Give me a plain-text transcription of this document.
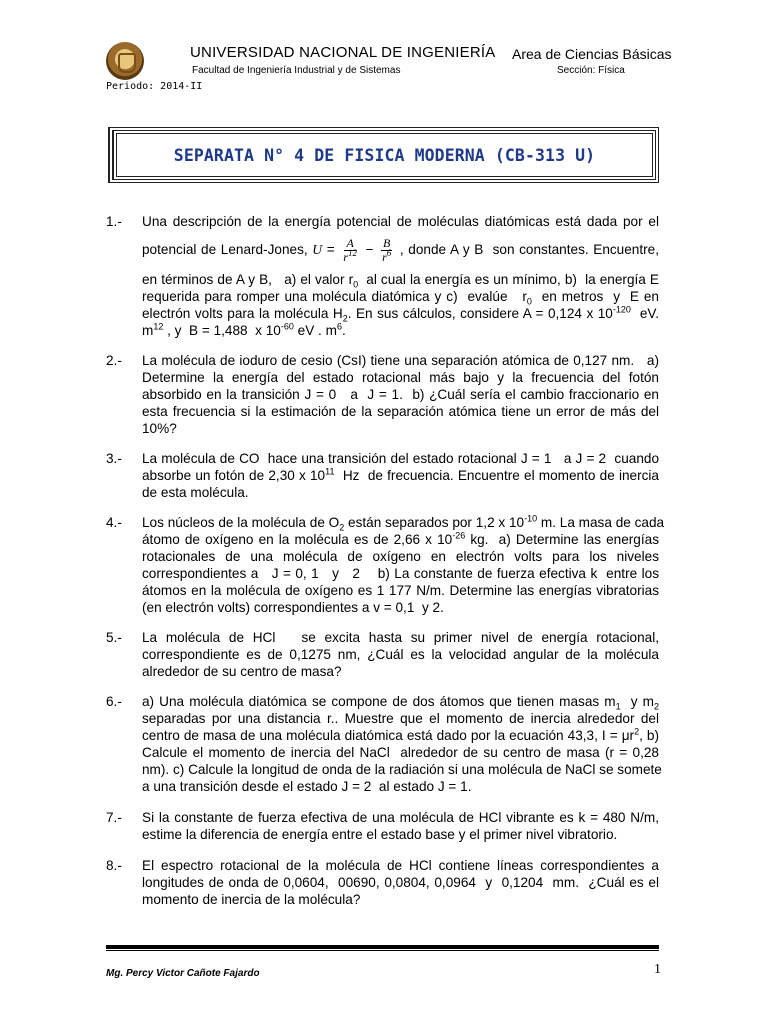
UNIVERSIDAD NACIONAL DE INGENIERÍA
Facultad de Ingeniería Industrial y de Sistemas
Area de Ciencias Básicas
Sección: Física
Periodo: 2014-II
SEPARATA N° 4 DE FISICA MODERNA (CB-313 U)
1.- Una descripción de la energía potencial de moléculas diatómicas está dada por el
potencial de Lenard-Jones, $U = \frac{A}{r^{12}} - \frac{B}{r^6}$ , donde A y B  son constantes. Encuentre,
en términos de A y B,   a) el valor $r_0$  al cual la energía es un mínimo, b)  la energía E
requerida para romper una molécula diatómica y c)  evalúe   $r_0$  en metros  y  E en
electrón volts para la molécula $H_2$. En sus cálculos, considere A = 0,124 x $10^{-120}$  eV.
$m^{12}$ , y  B = 1,488  x $10^{-60}$ eV . $m^6$.
2.- La molécula de ioduro de cesio (CsI) tiene una separación atómica de 0,127 nm.   a)
Determine la energía del estado rotacional más bajo y la frecuencia del fotón
absorbido en la transición J = 0   a  J = 1.  b) ¿Cuál sería el cambio fraccionario en
esta frecuencia si la estimación de la separación atómica tiene un error de más del
10%?
3.- La molécula de CO  hace una transición del estado rotacional J = 1   a J = 2  cuando
absorbe un fotón de 2,30 x $10^{11}$  Hz  de frecuencia. Encuentre el momento de inercia
de esta molécula.
4.- Los núcleos de la molécula de $O_2$ están separados por 1,2 x $10^{-10}$ m. La masa de cada
átomo de oxígeno en la molécula es de 2,66 x $10^{-26}$ kg.  a) Determine las energías
rotacionales de una molécula de oxígeno en electrón volts para los niveles
correspondientes a   J = 0, 1   y   2    b) La constante de fuerza efectiva k  entre los
átomos en la molécula de oxígeno es 1 177 N/m. Determine las energías vibratorias
(en electrón volts) correspondientes a v = 0,1  y 2.
5.- La molécula de HCl   se excita hasta su primer nivel de energía rotacional,
correspondiente es de 0,1275 nm, ¿Cuál es la velocidad angular de la molécula
alrededor de su centro de masa?
6.- a) Una molécula diatómica se compone de dos átomos que tienen masas $m_1$  y $m_2$
separadas por una distancia r.. Muestre que el momento de inercia alrededor del
centro de masa de una molécula diatómica está dado por la ecuación 43,3, $I = \mu r^2$, b)
Calcule el momento de inercia del NaCl  alrededor de su centro de masa (r = 0,28
nm). c) Calcule la longitud de onda de la radiación si una molécula de NaCl se somete
a una transición desde el estado J = 2  al estado J = 1.
7.- Si la constante de fuerza efectiva de una molécula de HCl vibrante es k = 480 N/m,
estime la diferencia de energía entre el estado base y el primer nivel vibratorio.
8.- El espectro rotacional de la molécula de HCl contiene líneas correspondientes a
longitudes de onda de 0,0604,  00690, 0,0804, 0,0964  y  0,1204  mm.  ¿Cuál es el
momento de inercia de la molécula?
Mg. Percy Victor Cañote Fajardo	1
